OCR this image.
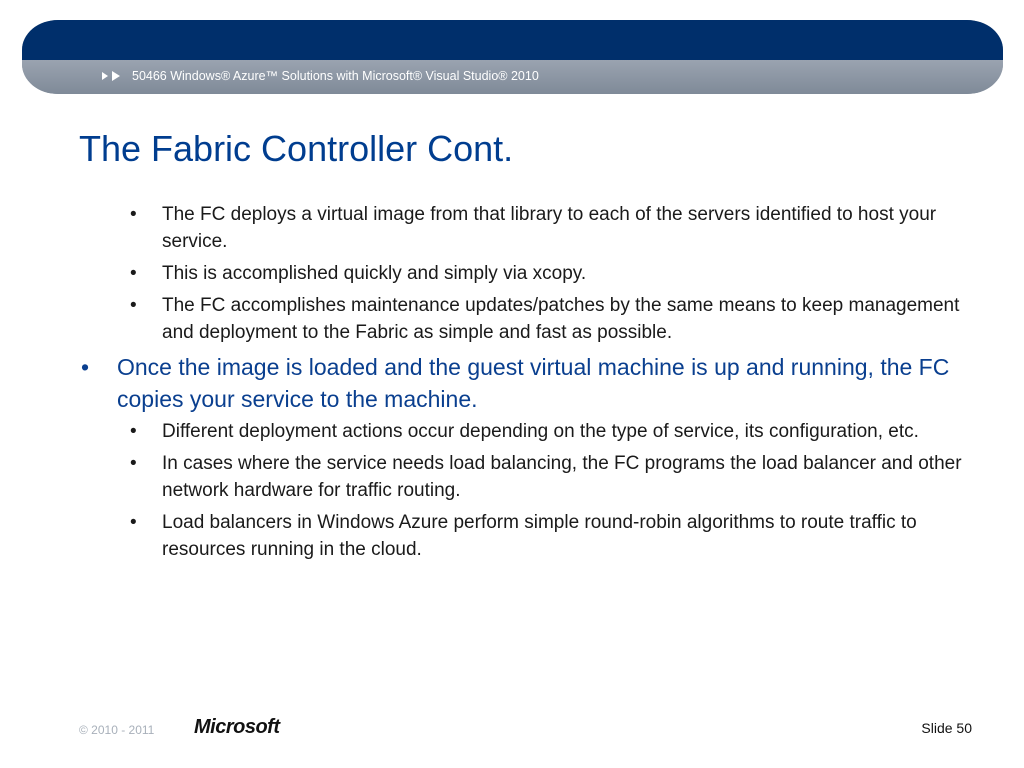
50466 Windows® Azure™ Solutions with Microsoft® Visual Studio® 2010
The Fabric Controller Cont.

• The FC deploys a virtual image from that library to each of the servers identified to host your service.

• This is accomplished quickly and simply via xcopy.

• The FC accomplishes maintenance updates/patches by the same means to keep management and deployment to the Fabric as simple and fast as possible.

• Once the image is loaded and the guest virtual machine is up and running, the FC copies your service to the machine.

• Different deployment actions occur depending on the type of service, its configuration, etc.

• In cases where the service needs load balancing, the FC programs the load balancer and other network hardware for traffic routing.

• Load balancers in Windows Azure perform simple round-robin algorithms to route traffic to resources running in the cloud.

© 2010 - 2011 Microsoft	Slide 50
